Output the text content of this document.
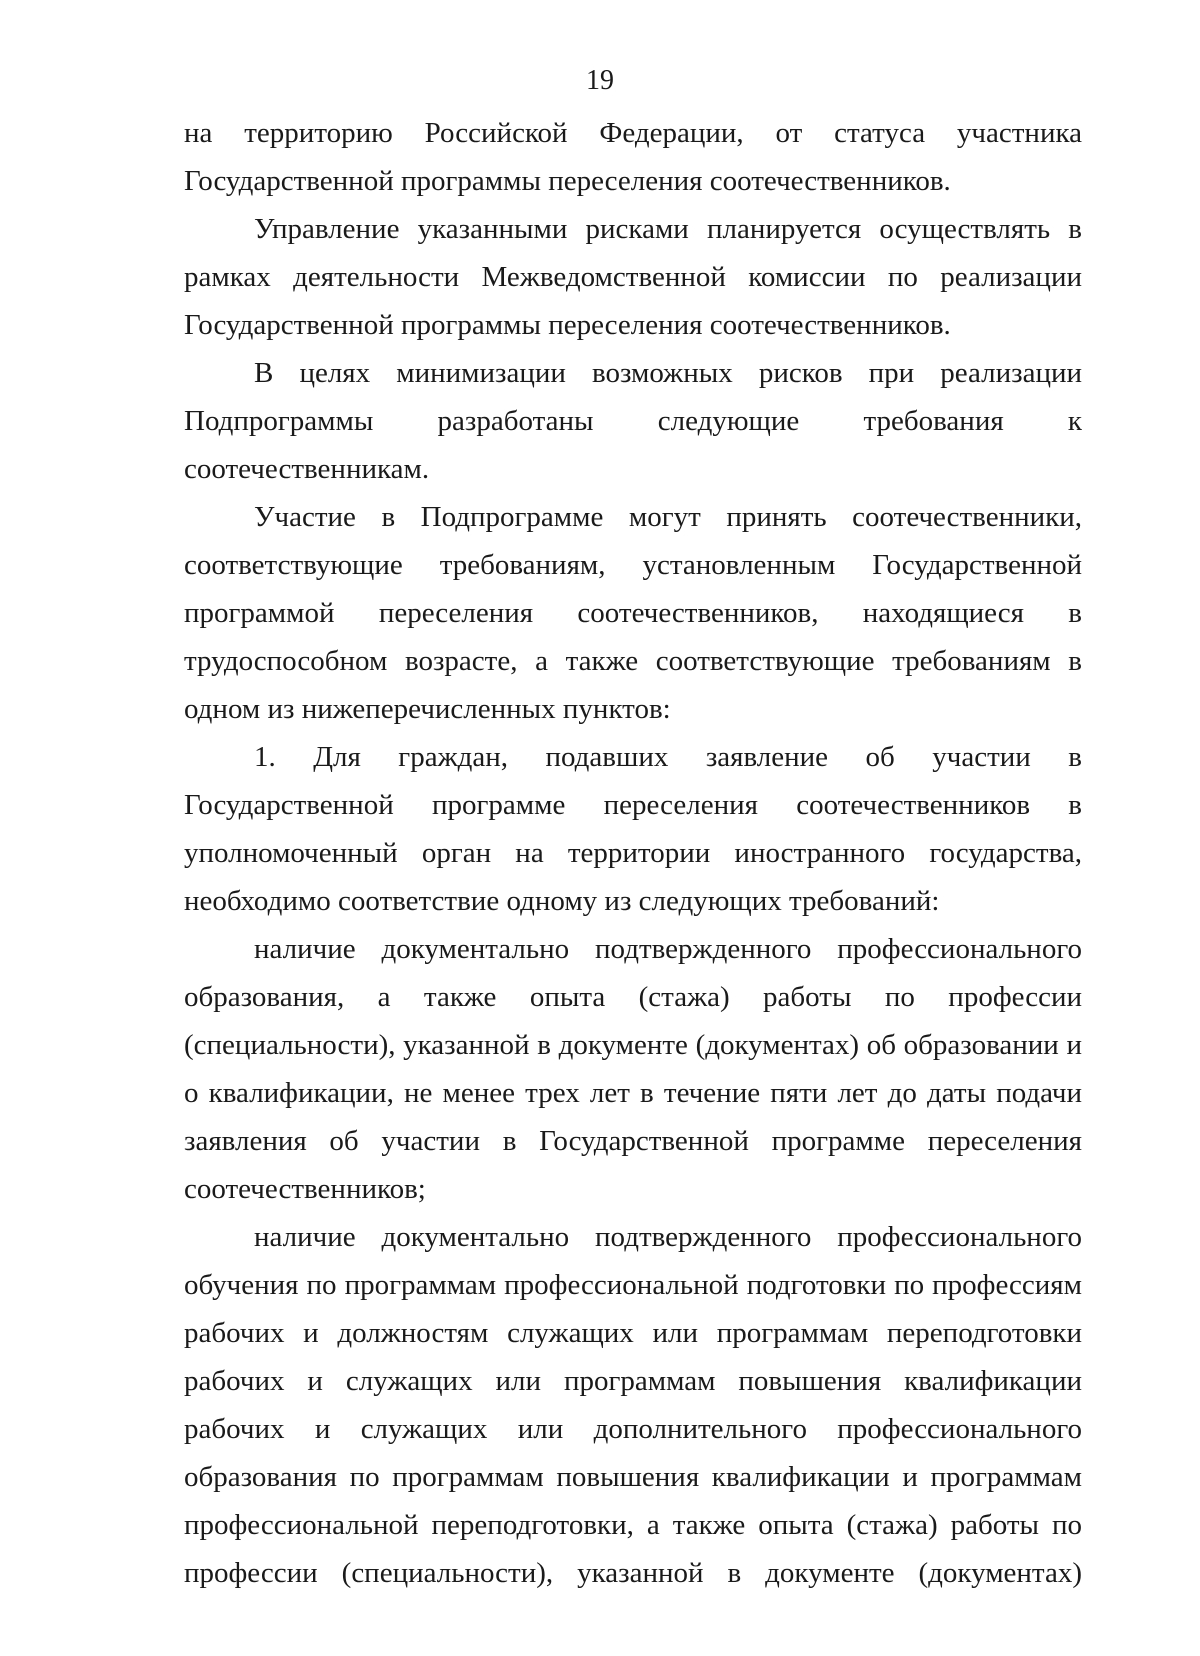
19

на территорию Российской Федерации, от статуса участника Государственной программы переселения соотечественников.

Управление указанными рисками планируется осуществлять в рамках деятельности Межведомственной комиссии по реализации Государственной программы переселения соотечественников.

В целях минимизации возможных рисков при реализации Подпрограммы разработаны следующие требования к соотечественникам.

Участие в Подпрограмме могут принять соотечественники, соответствующие требованиям, установленным Государственной программой переселения соотечественников, находящиеся в трудоспособном возрасте, а также соответствующие требованиям в одном из нижеперечисленных пунктов:

1. Для граждан, подавших заявление об участии в Государственной программе переселения соотечественников в уполномоченный орган на территории иностранного государства, необходимо соответствие одному из следующих требований:

наличие документально подтвержденного профессионального образования, а также опыта (стажа) работы по профессии (специальности), указанной в документе (документах) об образовании и о квалификации, не менее трех лет в течение пяти лет до даты подачи заявления об участии в Государственной программе переселения соотечественников;

наличие документально подтвержденного профессионального обучения по программам профессиональной подготовки по профессиям рабочих и должностям служащих или программам переподготовки рабочих и служащих или программам повышения квалификации рабочих и служащих или дополнительного профессионального образования по программам повышения квалификации и программам профессиональной переподготовки, а также опыта (стажа) работы по профессии (специальности), указанной в документе (документах)
